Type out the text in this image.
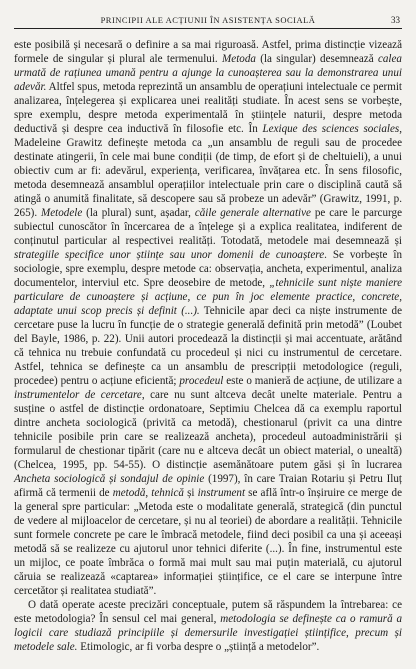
PRINCIPII ALE ACȚIUNII ÎN ASISTENȚA SOCIALĂ	33

este posibilă și necesară o definire a sa mai riguroasă. Astfel, prima distincție vizează formele de singular și plural ale termenului. Metoda (la singular) desemnează calea urmată de rațiunea umană pentru a ajunge la cunoașterea sau la demonstrarea unui adevăr. Altfel spus, metoda reprezintă un ansamblu de operațiuni intelectuale ce permit analizarea, înțelegerea și explicarea unei realități studiate. În acest sens se vorbește, spre exemplu, despre metoda experimentală în științele naturii, despre metoda deductivă și despre cea inductivă în filosofie etc. În Lexique des sciences sociales, Madeleine Grawitz definește metoda ca „un ansamblu de reguli sau de procedee destinate atingerii, în cele mai bune condiții (de timp, de efort și de cheltuieli), a unui obiectiv cum ar fi: adevărul, experiența, verificarea, învățarea etc. În sens filosofic, metoda desemnează ansamblul operațiilor intelectuale prin care o disciplină caută să atingă o anumită finalitate, să descopere sau să probeze un adevăr” (Grawitz, 1991, p. 265). Metodele (la plural) sunt, așadar, căile generale alternative pe care le parcurge subiectul cunoscător în încercarea de a înțelege și a explica realitatea, indiferent de conținutul particular al respectivei realități. Totodată, metodele mai desemnează și strategiile specifice unor științe sau unor domenii de cunoaștere. Se vorbește în sociologie, spre exemplu, despre metode ca: observația, ancheta, experimentul, analiza documentelor, interviul etc. Spre deosebire de metode, „tehnicile sunt niște maniere particulare de cunoaștere și acțiune, ce pun în joc elemente practice, concrete, adaptate unui scop precis și definit (...). Tehnicile apar deci ca niște instrumente de cercetare puse la lucru în funcție de o strategie generală definită prin metodă” (Loubet del Bayle, 1986, p. 22). Unii autori procedează la distincții și mai accentuate, arătând că tehnica nu trebuie confundată cu procedeul și nici cu instrumentul de cercetare. Astfel, tehnica se definește ca un ansamblu de prescripții metodologice (reguli, procedee) pentru o acțiune eficientă; procedeul este o manieră de acțiune, de utilizare a instrumentelor de cercetare, care nu sunt altceva decât unelte materiale. Pentru a susține o astfel de distincție ordonatoare, Septimiu Chelcea dă ca exemplu raportul dintre ancheta sociologică (privită ca metodă), chestionarul (privit ca una dintre tehnicile posibile prin care se realizează ancheta), procedeul autoadministrării și formularul de chestionar tipărit (care nu e altceva decât un obiect material, o unealtă) (Chelcea, 1995, pp. 54-55). O distincție asemănătoare putem găsi și în lucrarea Ancheta sociologică și sondajul de opinie (1997), în care Traian Rotariu și Petru Iluț afirmă că termenii de metodă, tehnică și instrument se află într-o înșiruire ce merge de la general spre particular: „Metoda este o modalitate generală, strategică (din punctul de vedere al mijloacelor de cercetare, și nu al teoriei) de abordare a realității. Tehnicile sunt formele concrete pe care le îmbracă metodele, fiind deci posibil ca una și aceeași metodă să se realizeze cu ajutorul unor tehnici diferite (...). În fine, instrumentul este un mijloc, ce poate îmbrăca o formă mai mult sau mai puțin materială, cu ajutorul căruia se realizează «captarea» informației științifice, ce el care se interpune între cercetător și realitatea studiată”.

O dată operate aceste precizări conceptuale, putem să răspundem la întrebarea: ce este metodologia? În sensul cel mai general, metodologia se definește ca o ramură a logicii care studiază principiile și demersurile investigației științifice, precum și metodele sale. Etimologic, ar fi vorba despre o „știință a metodelor”.
